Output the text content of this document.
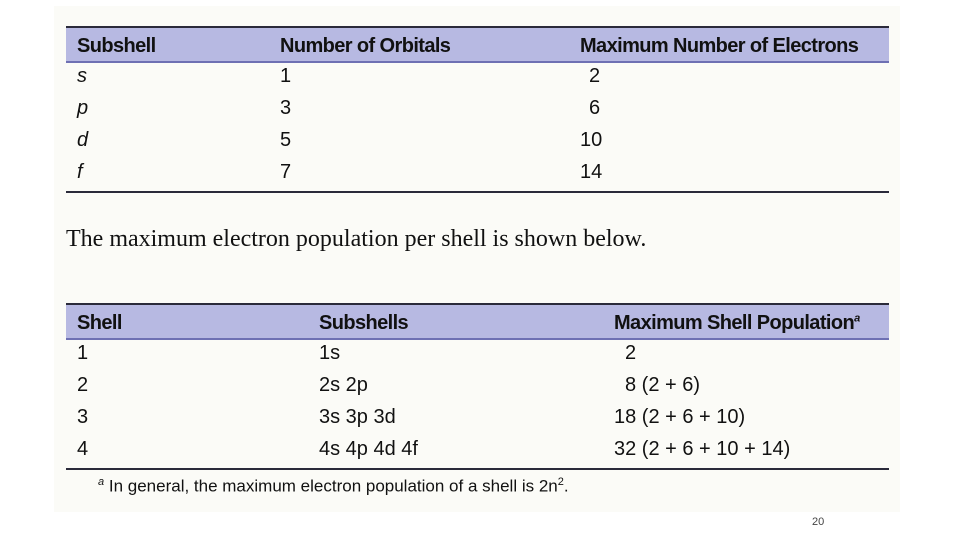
Subshell	Number of Orbitals	Maximum Number of Electrons
s	1	2
p	3	6
d	5	10
f	7	14
The maximum electron population per shell is shown below.
Shell	Subshells	Maximum Shell Population$^a$
1	1s	2
2	2s 2p	8 (2 + 6)
3	3s 3p 3d	18 (2 + 6 + 10)
4	4s 4p 4d 4f	32 (2 + 6 + 10 + 14)
$^a$ In general, the maximum electron population of a shell is $2n^2$.
20
